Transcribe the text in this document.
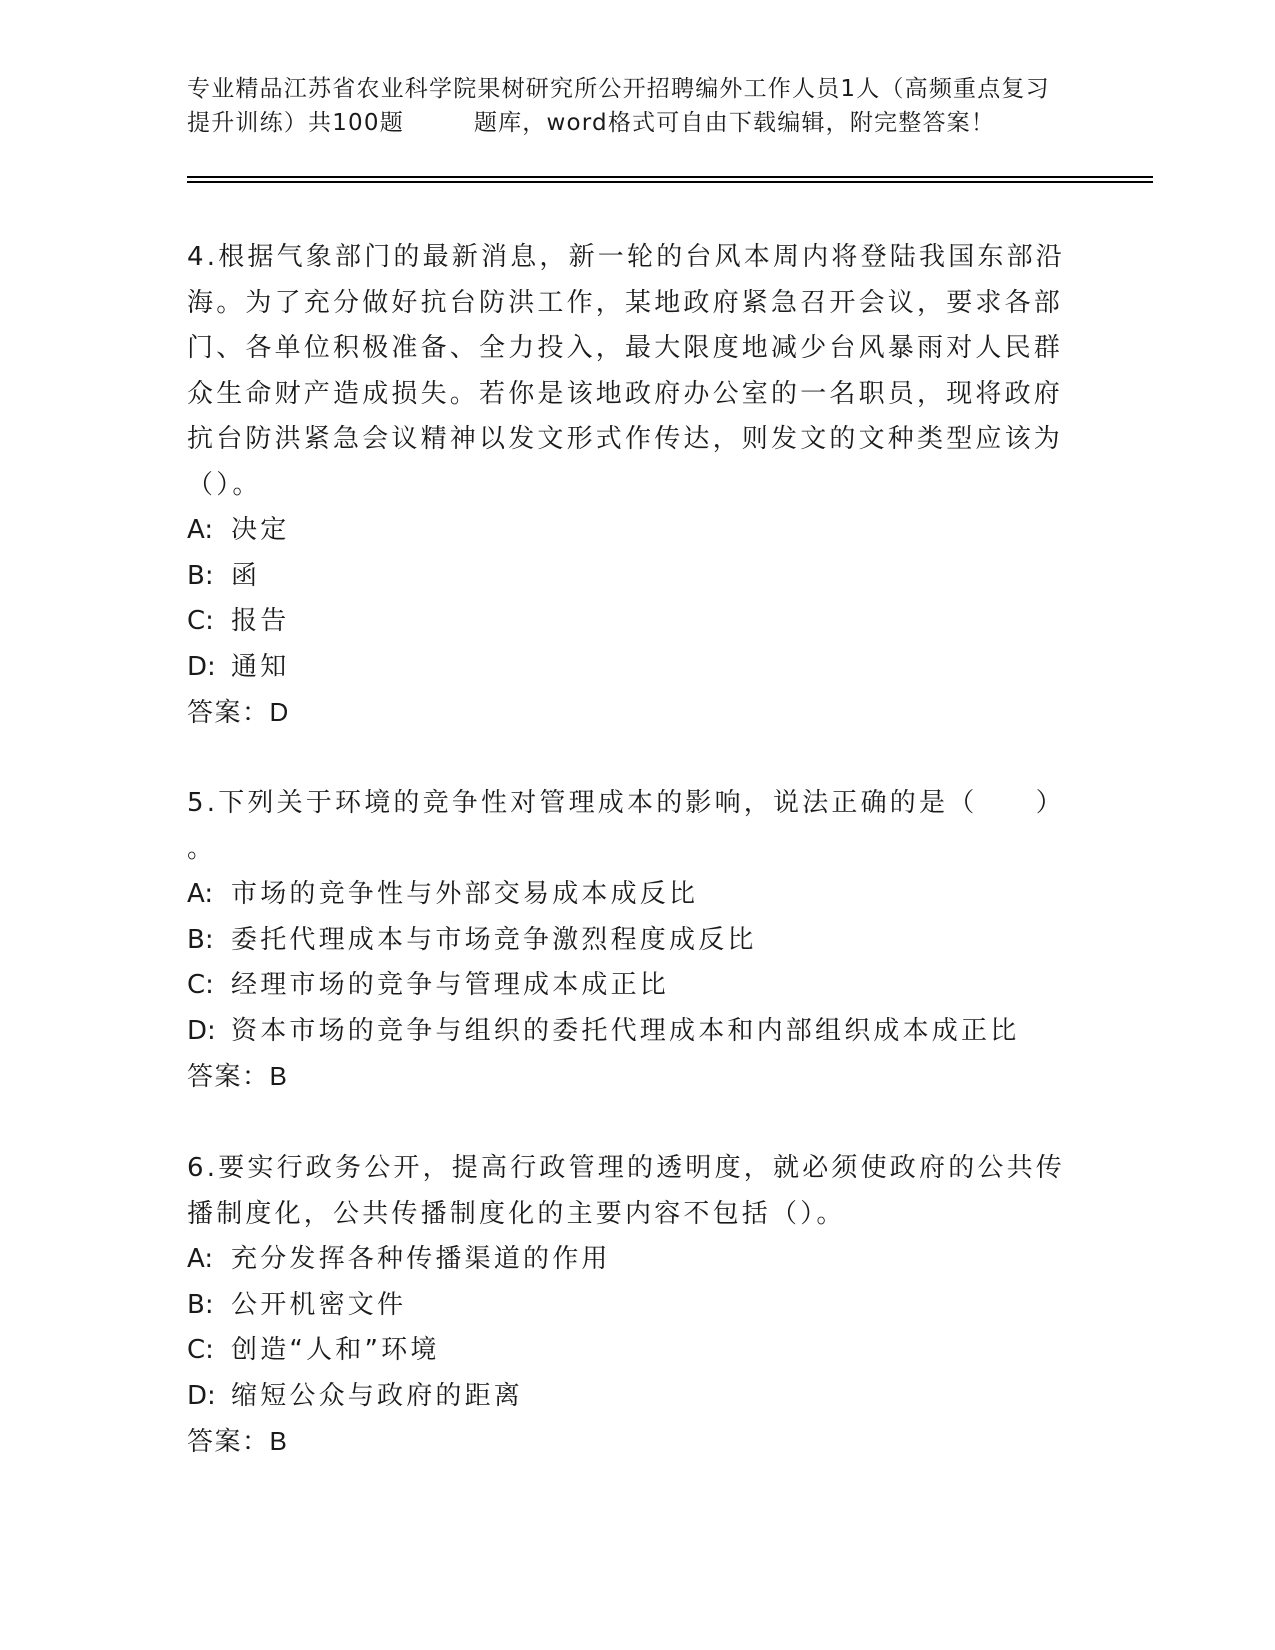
专业精品江苏省农业科学院果树研究所公开招聘编外工作人员1人（高频重点复习
提升训练）共100题	题库，word格式可自由下载编辑，附完整答案！

4.根据气象部门的最新消息，新一轮的台风本周内将登陆我国东部沿
海。为了充分做好抗台防洪工作，某地政府紧急召开会议，要求各部
门、各单位积极准备、全力投入，最大限度地减少台风暴雨对人民群
众生命财产造成损失。若你是该地政府办公室的一名职员，现将政府
抗台防洪紧急会议精神以发文形式作传达，则发文的文种类型应该为
（）。

A: 决定

B: 函

C: 报告

D: 通知

答案：D

5.下列关于环境的竞争性对管理成本的影响，说法正确的是（　　）
。

A: 市场的竞争性与外部交易成本成反比

B: 委托代理成本与市场竞争激烈程度成反比

C: 经理市场的竞争与管理成本成正比

D: 资本市场的竞争与组织的委托代理成本和内部组织成本成正比

答案：B

6.要实行政务公开，提高行政管理的透明度，就必须使政府的公共传
播制度化，公共传播制度化的主要内容不包括（）。

A: 充分发挥各种传播渠道的作用

B: 公开机密文件

C: 创造“人和”环境

D: 缩短公众与政府的距离

答案：B
